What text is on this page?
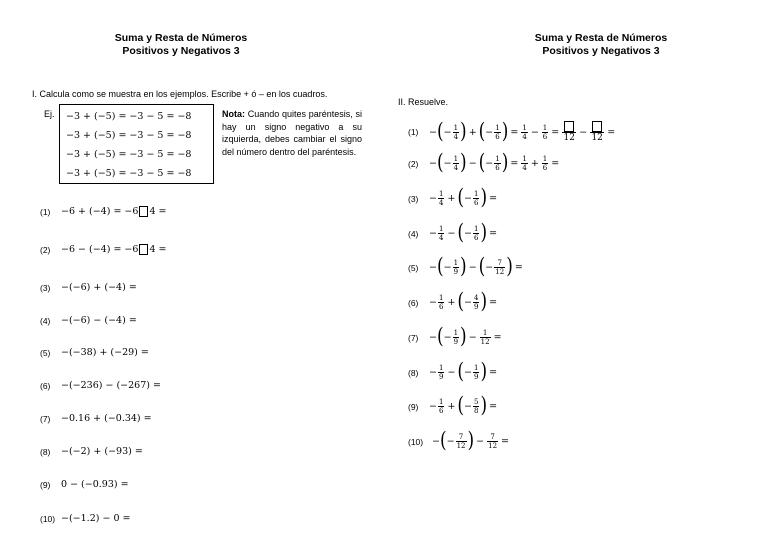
Suma y Resta de Números
Positivos y Negativos 3
Suma y Resta de Números
Positivos y Negativos 3
I. Calcula como se muestra en los ejemplos. Escribe + ó – en los cuadros.
Ej. −3 + (−5) = −3 − 5 = −8
−3 + (−5) = −3 − 5 = −8
−3 + (−5) = −3 − 5 = −8
−3 + (−5) = −3 − 5 = −8
Nota: Cuando quites paréntesis, si hay un signo negativo a su izquierda, debes cambiar el signo del número dentro del paréntesis.
(1)	−6 + (−4) = −6 4 =
(2)	−6 − (−4) = −6 4 =
(3)	−(−6) + (−4) =
(4)	−(−6) − (−4) =
(5)	−(−38) + (−29) =
(6)	−(−236) − (−267) =
(7)	−0.16 + (−0.34) =
(8)	−(−2) + (−93) =
(9)	0 − (−0.93) =
(10) −(−1.2) − 0 =
II. Resuelve.
(1)	− ( − $\frac{1}{4}$ ) + ( − $\frac{1}{6}$ ) = $\frac{1}{4} - \frac{1}{6}$ =
12
−
12
=
(2)	− ( − $\frac{1}{4}$ ) − ( − $\frac{1}{6}$ ) = $\frac{1}{4} + \frac{1}{6}$ =
(3)	− $\frac{1}{4}$ + ( − $\frac{1}{6}$ ) =
(4)	− $\frac{1}{4}$ − ( − $\frac{1}{6}$ ) =
(5)	− ( − $\frac{1}{9}$ ) − ( − $\frac{7}{12}$ ) =
(6)	− $\frac{1}{6}$ + ( − $\frac{4}{9}$ ) =
(7)	− ( − $\frac{1}{9}$ ) − $\frac{1}{12}$ =
(8)	− $\frac{1}{9}$ − ( − $\frac{1}{9}$ ) =
(9)	− $\frac{1}{6}$ + ( − $\frac{5}{8}$ ) =
(10) − ( − $\frac{7}{12}$ ) − $\frac{7}{12}$ =
